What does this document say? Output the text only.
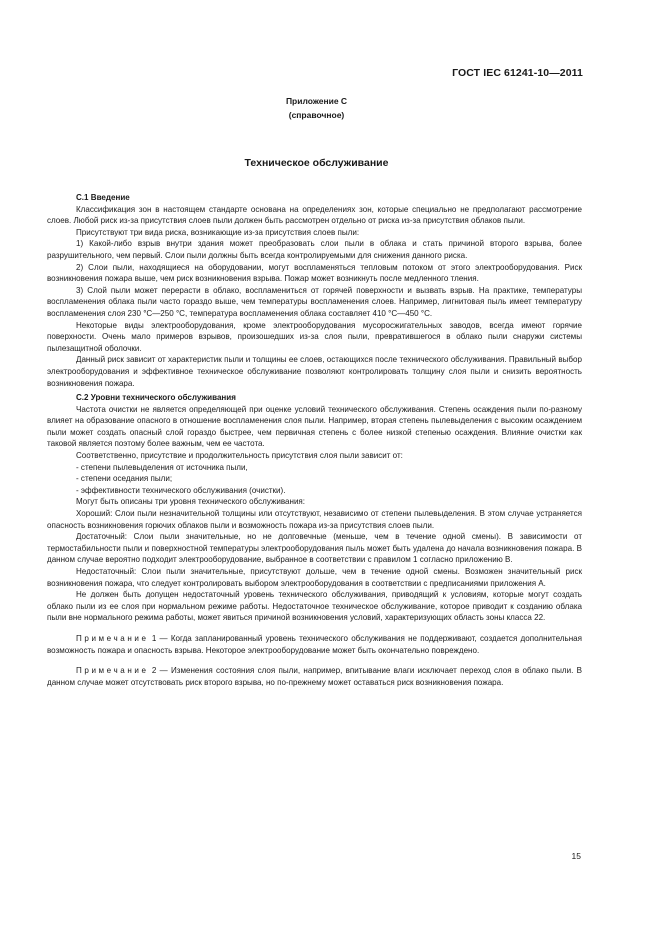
ГОСТ IEC 61241-10—2011
Приложение С
(справочное)
Техническое обслуживание

С.1 Введение

Классификация зон в настоящем стандарте основана на определениях зон, которые специально не предполагают рассмотрение слоев. Любой риск из-за присутствия слоев пыли должен быть рассмотрен отдельно от риска из-за присутствия облаков пыли.

Присутствуют три вида риска, возникающие из-за присутствия слоев пыли:

1) Какой-либо взрыв внутри здания может преобразовать слои пыли в облака и стать причиной второго взрыва, более разрушительного, чем первый. Слои пыли должны быть всегда контролируемыми для снижения данного риска.

2) Слои пыли, находящиеся на оборудовании, могут воспламеняться тепловым потоком от этого электрооборудования. Риск возникновения пожара выше, чем риск возникновения взрыва. Пожар может возникнуть после медленного тления.

3) Слой пыли может перерасти в облако, воспламениться от горячей поверхности и вызвать взрыв. На практике, температуры воспламенения облака пыли часто гораздо выше, чем температуры воспламенения слоев. Например, лигнитовая пыль имеет температуру воспламенения слоя 230 °С—250 °С, температура воспламенения облака составляет 410 °С—450 °С.

Некоторые виды электрооборудования, кроме электрооборудования мусоросжигательных заводов, всегда имеют горячие поверхности. Очень мало примеров взрывов, произошедших из-за слоя пыли, превратившегося в облако пыли снаружи системы пылезащитной оболочки.

Данный риск зависит от характеристик пыли и толщины ее слоев, остающихся после технического обслуживания. Правильный выбор электрооборудования и эффективное техническое обслуживание позволяют контролировать толщину слоя пыли и снизить вероятность возникновения пожара.

С.2 Уровни технического обслуживания

Частота очистки не является определяющей при оценке условий технического обслуживания. Степень осаждения пыли по-разному влияет на образование опасного в отношение воспламенения слоя пыли. Например, вторая степень пылевыделения с высоким осаждением пыли может создать опасный слой гораздо быстрее, чем первичная степень с более низкой степенью осаждения. Влияние очистки как таковой является поэтому более важным, чем ее частота.

Соответственно, присутствие и продолжительность присутствия слоя пыли зависит от:

- степени пылевыделения от источника пыли,

- степени оседания пыли;

- эффективности технического обслуживания (очистки).

Могут быть описаны три уровня технического обслуживания:

Хороший: Слои пыли незначительной толщины или отсутствуют, независимо от степени пылевыделения. В этом случае устраняется опасность возникновения горючих облаков пыли и возможность пожара из-за присутствия слоев пыли.

Достаточный: Слои пыли значительные, но не долговечные (меньше, чем в течение одной смены). В зависимости от термостабильности пыли и поверхностной температуры электрооборудования пыль может быть удалена до начала возникновения пожара. В данном случае вероятно подходит электрооборудование, выбранное в соответствии с правилом 1 согласно приложению В.

Недостаточный: Слои пыли значительные, присутствуют дольше, чем в течение одной смены. Возможен значительный риск возникновения пожара, что следует контролировать выбором электрооборудования в соответствии с предписаниями приложения А.

Не должен быть допущен недостаточный уровень технического обслуживания, приводящий к условиям, которые могут создать облако пыли из ее слоя при нормальном режиме работы. Недостаточное техническое обслуживание, которое приводит к созданию облака пыли вне нормального режима работы, может явиться причиной возникновения условий, характеризующих область зоны класса 22.

Примечание 1 — Когда запланированный уровень технического обслуживания не поддерживают, создается дополнительная возможность пожара и опасность взрыва. Некоторое электрооборудование может быть окончательно повреждено.

Примечание 2 — Изменения состояния слоя пыли, например, впитывание влаги исключает переход слоя в облако пыли. В данном случае может отсутствовать риск второго взрыва, но по-прежнему может оставаться риск возникновения пожара.

15
